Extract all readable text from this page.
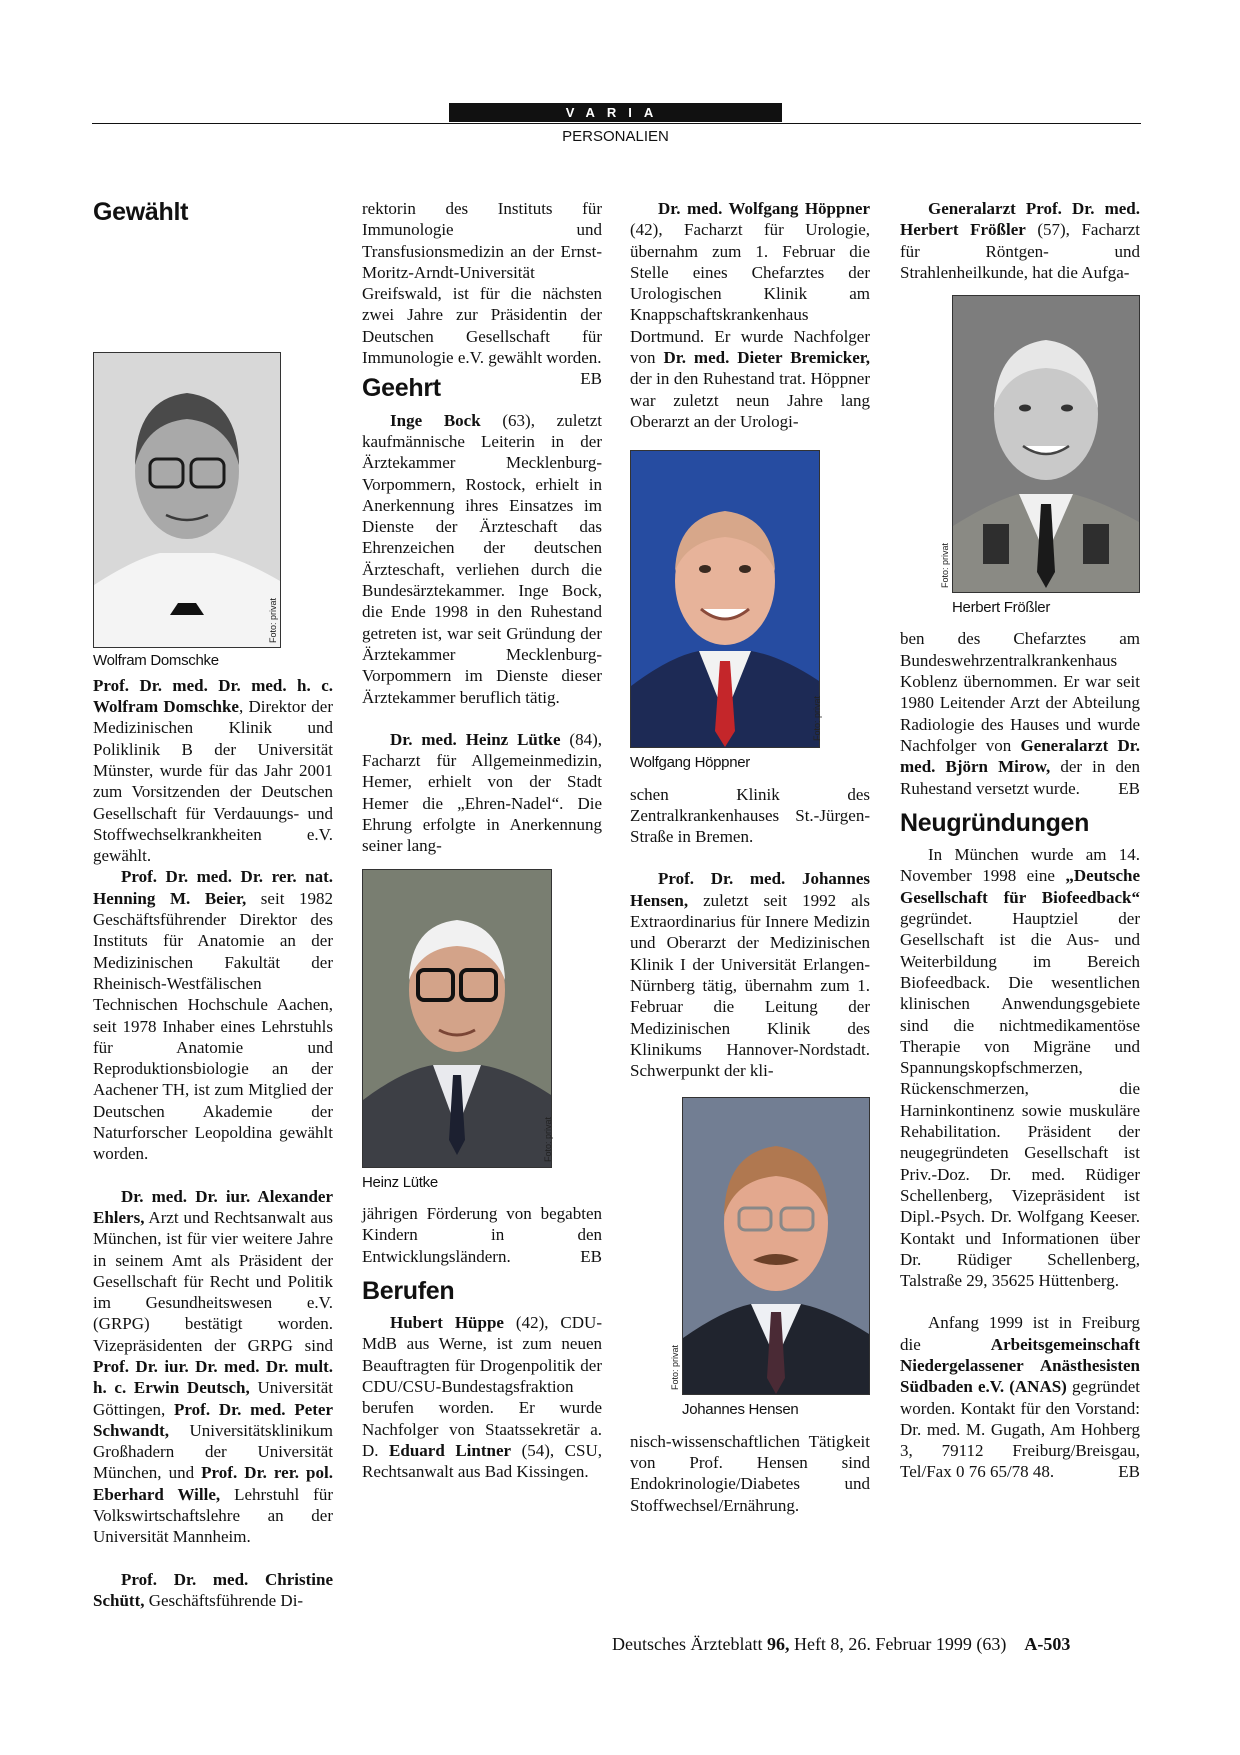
VARIA
PERSONALIEN
Gewählt

Prof. Dr. med. Dr. med. h. c. Wolfram Domschke, Direktor der Medizinischen Klinik und Poliklinik B der Universität Münster, wurde für das Jahr 2001 zum Vorsitzenden der Deutschen Gesellschaft für Verdauungs- und Stoffwechselkrankheiten e.V. gewählt.

Prof. Dr. med. Dr. rer. nat. Henning M. Beier, seit 1982 Geschäftsführender Direktor des Instituts für Anatomie an der Medizinischen Fakultät der Rheinisch-Westfälischen Technischen Hochschule Aachen, seit 1978 Inhaber eines Lehrstuhls für Anatomie und Reproduktionsbiologie an der Aachener TH, ist zum Mitglied der Deutschen Akademie der Naturforscher Leopoldina gewählt worden.

Dr. med. Dr. iur. Alexander Ehlers, Arzt und Rechtsanwalt aus München, ist für vier weitere Jahre in seinem Amt als Präsident der Gesellschaft für Recht und Politik im Gesundheitswesen e.V. (GRPG) bestätigt worden. Vizepräsidenten der GRPG sind Prof. Dr. iur. Dr. med. Dr. mult. h. c. Erwin Deutsch, Universität Göttingen, Prof. Dr. med. Peter Schwandt, Universitätsklinikum Großhadern der Universität München, und Prof. Dr. rer. pol. Eberhard Wille, Lehrstuhl für Volkswirtschaftslehre an der Universität Mannheim.

Prof. Dr. med. Christine Schütt, Geschäftsführende Di-

rektorin des Instituts für Immunologie und Transfusionsmedizin an der Ernst-Moritz-Arndt-Universität Greifswald, ist für die nächsten zwei Jahre zur Präsidentin der Deutschen Gesellschaft für Immunologie e.V. gewählt worden.
EB

Geehrt

Inge Bock (63), zuletzt kaufmännische Leiterin in der Ärztekammer Mecklenburg-Vorpommern, Rostock, erhielt in Anerkennung ihres Einsatzes im Dienste der Ärzteschaft das Ehrenzeichen der deutschen Ärzteschaft, verliehen durch die Bundesärztekammer. Inge Bock, die Ende 1998 in den Ruhestand getreten ist, war seit Gründung der Ärztekammer Mecklenburg-Vorpommern im Dienste dieser Ärztekammer beruflich tätig.

Dr. med. Heinz Lütke (84), Facharzt für Allgemeinmedizin, Hemer, erhielt von der Stadt Hemer die „Ehren-Nadel“. Die Ehrung erfolgte in Anerkennung seiner lang-

Foto: privat
Heinz Lütke

jährigen Förderung von begabten Kindern in den Entwicklungsländern.	EB

Berufen

Hubert Hüppe (42), CDU-MdB aus Werne, ist zum neuen Beauftragten für Drogenpolitik der CDU/CSU-Bundestagsfraktion berufen worden. Er wurde Nachfolger von Staatssekretär a. D. Eduard Lintner (54), CSU, Rechtsanwalt aus Bad Kissingen.

Dr. med. Wolfgang Höppner (42), Facharzt für Urologie, übernahm zum 1. Februar die Stelle eines Chefarztes der Urologischen Klinik am Knappschaftskrankenhaus Dortmund. Er wurde Nachfolger von Dr. med. Dieter Bremicker, der in den Ruhestand trat. Höppner war zuletzt neun Jahre lang Oberarzt an der Urologi-

Foto: privat
Wolfgang Höppner

schen Klinik des Zentralkrankenhauses St.-Jürgen-Straße in Bremen.

Prof. Dr. med. Johannes Hensen, zuletzt seit 1992 als Extraordinarius für Innere Medizin und Oberarzt der Medizinischen Klinik I der Universität Erlangen-Nürnberg tätig, übernahm zum 1. Februar die Leitung der Medizinischen Klinik des Klinikums Hannover-Nordstadt. Schwerpunkt der kli-

Foto: privat
Johannes Hensen

nisch-wissenschaftlichen Tätigkeit von Prof. Hensen sind Endokrinologie/Diabetes und Stoffwechsel/Ernährung.

Generalarzt Prof. Dr. med. Herbert Frößler (57), Facharzt für Röntgen- und Strahlenheilkunde, hat die Aufga-

Foto: privat
Herbert Frößler

ben des Chefarztes am Bundeswehrzentralkrankenhaus Koblenz übernommen. Er war seit 1980 Leitender Arzt der Abteilung Radiologie des Hauses und wurde Nachfolger von Generalarzt Dr. med. Björn Mirow, der in den Ruhestand versetzt wurde. EB

Neugründungen

In München wurde am 14. November 1998 eine „Deutsche Gesellschaft für Biofeedback“ gegründet. Hauptziel der Gesellschaft ist die Aus- und Weiterbildung im Bereich Biofeedback. Die wesentlichen klinischen Anwendungsgebiete sind die nichtmedikamentöse Therapie von Migräne und Spannungskopfschmerzen, Rückenschmerzen, die Harninkontinenz sowie muskuläre Rehabilitation. Präsident der neugegründeten Gesellschaft ist Priv.-Doz. Dr. med. Rüdiger Schellenberg, Vizepräsident ist Dipl.-Psych. Dr. Wolfgang Keeser. Kontakt und Informationen über Dr. Rüdiger Schellenberg, Talstraße 29, 35625 Hüttenberg.

Anfang 1999 ist in Freiburg die Arbeitsgemeinschaft Niedergelassener Anästhesisten Südbaden e.V. (ANAS) gegründet worden. Kontakt für den Vorstand: Dr. med. M. Gugath, Am Hohberg 3, 79112 Freiburg/Breisgau, Tel/Fax 0 76 65/78 48.	EB

Foto: privat
Wolfram Domschke
Deutsches Ärzteblatt 96, Heft 8, 26. Februar 1999 (63) A-503
